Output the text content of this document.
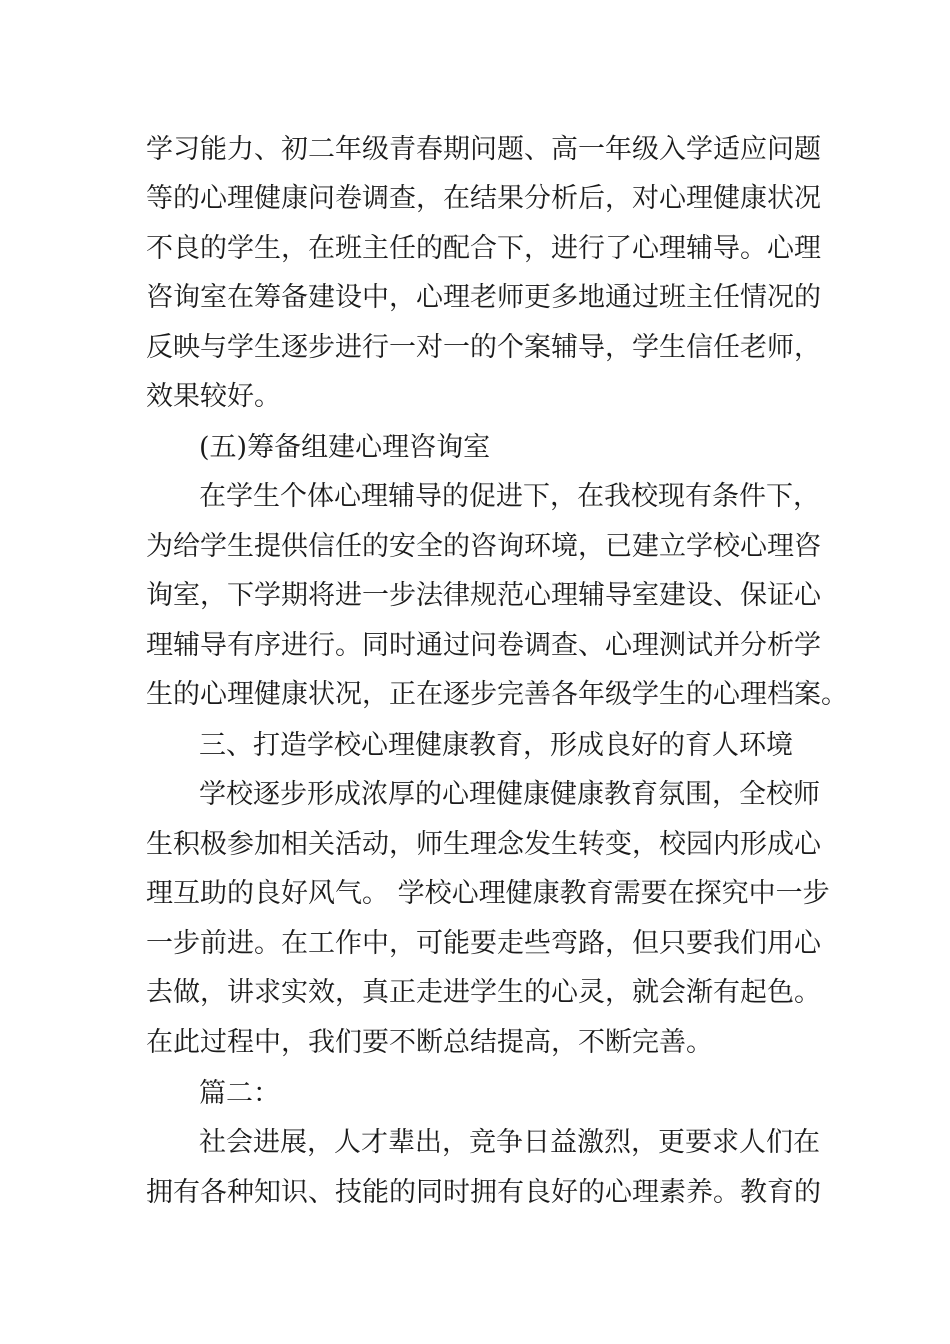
学习能力、初二年级青春期问题、高一年级入学适应问题
等的心理健康问卷调查，在结果分析后，对心理健康状况
不良的学生，在班主任的配合下，进行了心理辅导。心理
咨询室在筹备建设中，心理老师更多地通过班主任情况的
反映与学生逐步进行一对一的个案辅导，学生信任老师，
效果较好。
(五)筹备组建心理咨询室
在学生个体心理辅导的促进下，在我校现有条件下，
为给学生提供信任的安全的咨询环境，已建立学校心理咨
询室，下学期将进一步法律规范心理辅导室建设、保证心
理辅导有序进行。同时通过问卷调查、心理测试并分析学
生的心理健康状况，正在逐步完善各年级学生的心理档案。
三、打造学校心理健康教育，形成良好的育人环境
学校逐步形成浓厚的心理健康健康教育氛围，全校师
生积极参加相关活动，师生理念发生转变，校园内形成心
理互助的良好风气。 学校心理健康教育需要在探究中一步
一步前进。在工作中，可能要走些弯路，但只要我们用心
去做，讲求实效，真正走进学生的心灵，就会渐有起色。
在此过程中，我们要不断总结提高，不断完善。
篇二：
社会进展，人才辈出，竞争日益激烈，更要求人们在
拥有各种知识、技能的同时拥有良好的心理素养。教育的
